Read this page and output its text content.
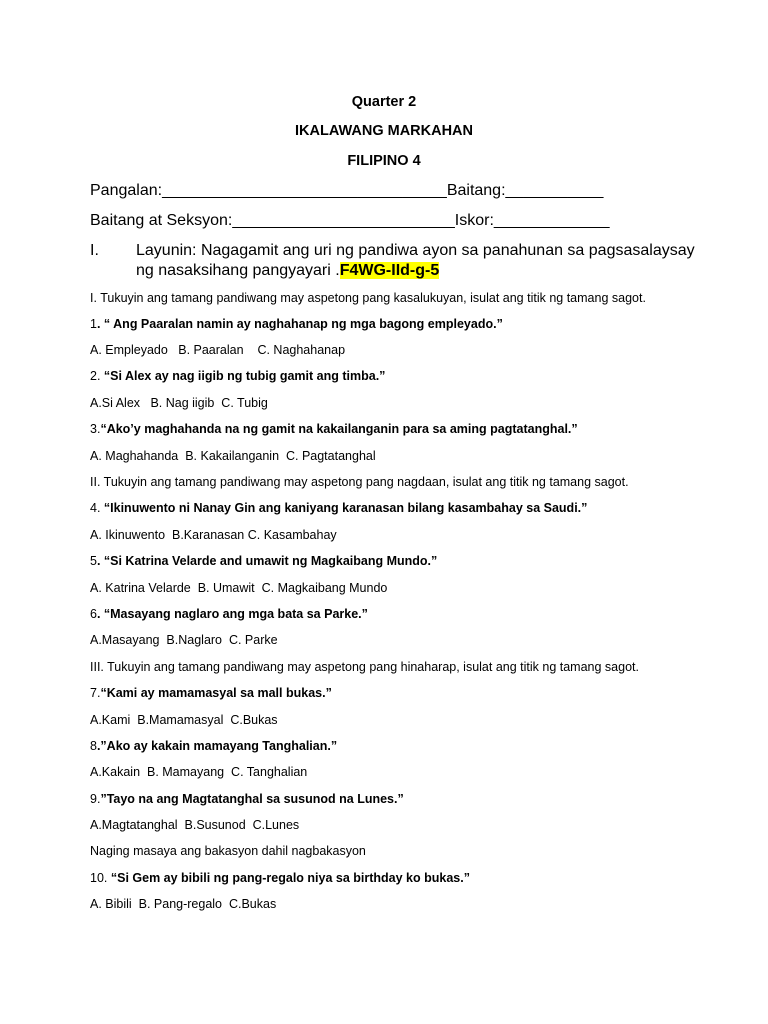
Quarter 2
IKALAWANG MARKAHAN
FILIPINO 4
Pangalan:________________________________Baitang:___________
Baitang at Seksyon:_________________________Iskor:_____________
I. Layunin: Nagagamit ang uri ng pandiwa ayon sa panahunan sa pagsasalaysay ng nasaksihang pangyayari .F4WG-IId-g-5
I. Tukuyin ang tamang pandiwang may aspetong pang kasalukuyan, isulat ang titik ng tamang sagot.
1. “ Ang Paaralan namin ay naghahanap ng mga bagong empleyado.”
A. Empleyado   B. Paaralan    C. Naghahanap
2. “Si Alex ay nag iigib ng tubig gamit ang timba.”
A.Si Alex   B. Nag iigib  C. Tubig
3.“Ako’y maghahanda na ng gamit na kakailanganin para sa aming pagtatanghal.”
A. Maghahanda  B. Kakailanganin  C. Pagtatanghal
II. Tukuyin ang tamang pandiwang may aspetong pang nagdaan, isulat ang titik ng tamang sagot.
4. “Ikinuwento ni Nanay Gin ang kaniyang karanasan bilang kasambahay sa Saudi.”
A. Ikinuwento  B.Karanasan C. Kasambahay
5. “Si Katrina Velarde and umawit ng Magkaibang Mundo.”
A. Katrina Velarde  B. Umawit  C. Magkaibang Mundo
6. “Masayang naglaro ang mga bata sa Parke.”
A.Masayang  B.Naglaro  C. Parke
III. Tukuyin ang tamang pandiwang may aspetong pang hinaharap, isulat ang titik ng tamang sagot.
7.“Kami ay mamamasyal sa mall bukas.”
A.Kami  B.Mamamasyal  C.Bukas
8.”Ako ay kakain mamayang Tanghalian.”
A.Kakain  B. Mamayang  C. Tanghalian
9.”Tayo na ang Magtatanghal sa susunod na Lunes.”
A.Magtatanghal  B.Susunod  C.Lunes
Naging masaya ang bakasyon dahil nagbakasyon
10. “Si Gem ay bibili ng pang-regalo niya sa birthday ko bukas.”
A. Bibili  B. Pang-regalo  C.Bukas
